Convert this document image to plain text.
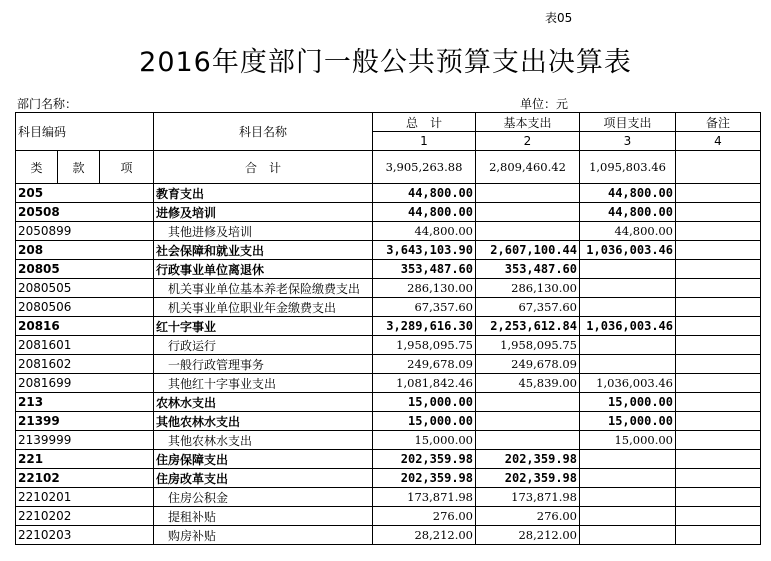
表05
2016年度部门一般公共预算支出决算表
部门名称：	单位：元
科目编码			科目名称	总　计	基本支出	项目支出	备注
				1	2	3	4
类	款	项	合　计	3,905,263.88	2,809,460.42	1,095,803.46	
205			教育支出	44,800.00		44,800.00	
20508			进修及培训	44,800.00		44,800.00	
2050899			其他进修及培训	44,800.00		44,800.00	
208			社会保障和就业支出	3,643,103.90	2,607,100.44	1,036,003.46	
20805			行政事业单位离退休	353,487.60	353,487.60		
2080505			机关事业单位基本养老保险缴费支出	286,130.00	286,130.00		
2080506			机关事业单位职业年金缴费支出	67,357.60	67,357.60		
20816			红十字事业	3,289,616.30	2,253,612.84	1,036,003.46	
2081601			行政运行	1,958,095.75	1,958,095.75		
2081602			一般行政管理事务	249,678.09	249,678.09		
2081699			其他红十字事业支出	1,081,842.46	45,839.00	1,036,003.46	
213			农林水支出	15,000.00		15,000.00	
21399			其他农林水支出	15,000.00		15,000.00	
2139999			其他农林水支出	15,000.00		15,000.00	
221			住房保障支出	202,359.98	202,359.98		
22102			住房改革支出	202,359.98	202,359.98		
2210201			住房公积金	173,871.98	173,871.98		
2210202			提租补贴	276.00	276.00		
2210203			购房补贴	28,212.00	28,212.00		
